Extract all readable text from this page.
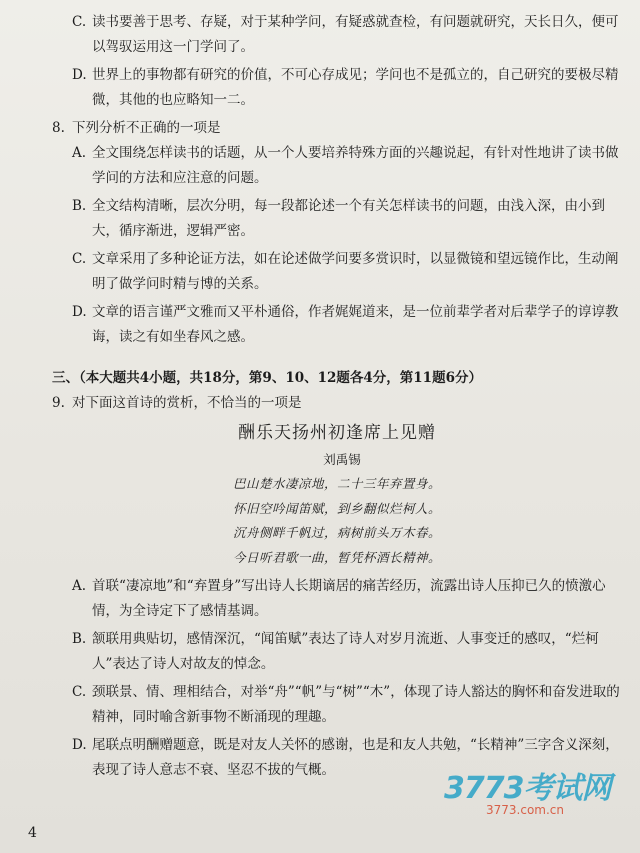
C. 读书要善于思考、存疑，对于某种学问，有疑惑就查检，有问题就研究，天长日久，便可以驾驭运用这一门学问了。
D. 世界上的事物都有研究的价值，不可心存成见；学问也不是孤立的，自己研究的要极尽精微，其他的也应略知一二。
8. 下列分析不正确的一项是
A. 全文围绕怎样读书的话题，从一个人要培养特殊方面的兴趣说起，有针对性地讲了读书做学问的方法和应注意的问题。
B. 全文结构清晰，层次分明，每一段都论述一个有关怎样读书的问题，由浅入深，由小到大，循序渐进，逻辑严密。
C. 文章采用了多种论证方法，如在论述做学问要多赏识时，以显微镜和望远镜作比，生动阐明了做学问时精与博的关系。
D. 文章的语言谨严文雅而又平朴通俗，作者娓娓道来，是一位前辈学者对后辈学子的谆谆教诲，读之有如坐春风之感。
三、（本大题共4小题，共18分，第9、10、12题各4分，第11题6分）
9. 对下面这首诗的赏析，不恰当的一项是
酬乐天扬州初逢席上见赠
刘禹锡
巴山楚水凄凉地，二十三年弃置身。
怀旧空吟闻笛赋，到乡翻似烂柯人。
沉舟侧畔千帆过，病树前头万木春。
今日听君歌一曲，暂凭杯酒长精神。
A. 首联“凄凉地”和“弃置身”写出诗人长期谪居的痛苦经历，流露出诗人压抑已久的愤激心情，为全诗定下了感情基调。
B. 颔联用典贴切，感情深沉，“闻笛赋”表达了诗人对岁月流逝、人事变迁的感叹，“烂柯人”表达了诗人对故友的悼念。
C. 颈联景、情、理相结合，对举“舟”“帆”与“树”“木”，体现了诗人豁达的胸怀和奋发进取的精神，同时喻含新事物不断涌现的理趣。
D. 尾联点明酬赠题意，既是对友人关怀的感谢，也是和友人共勉，“长精神”三字含义深刻，表现了诗人意志不衰、坚忍不拔的气概。
4
3773考试网
3773.com.cn
